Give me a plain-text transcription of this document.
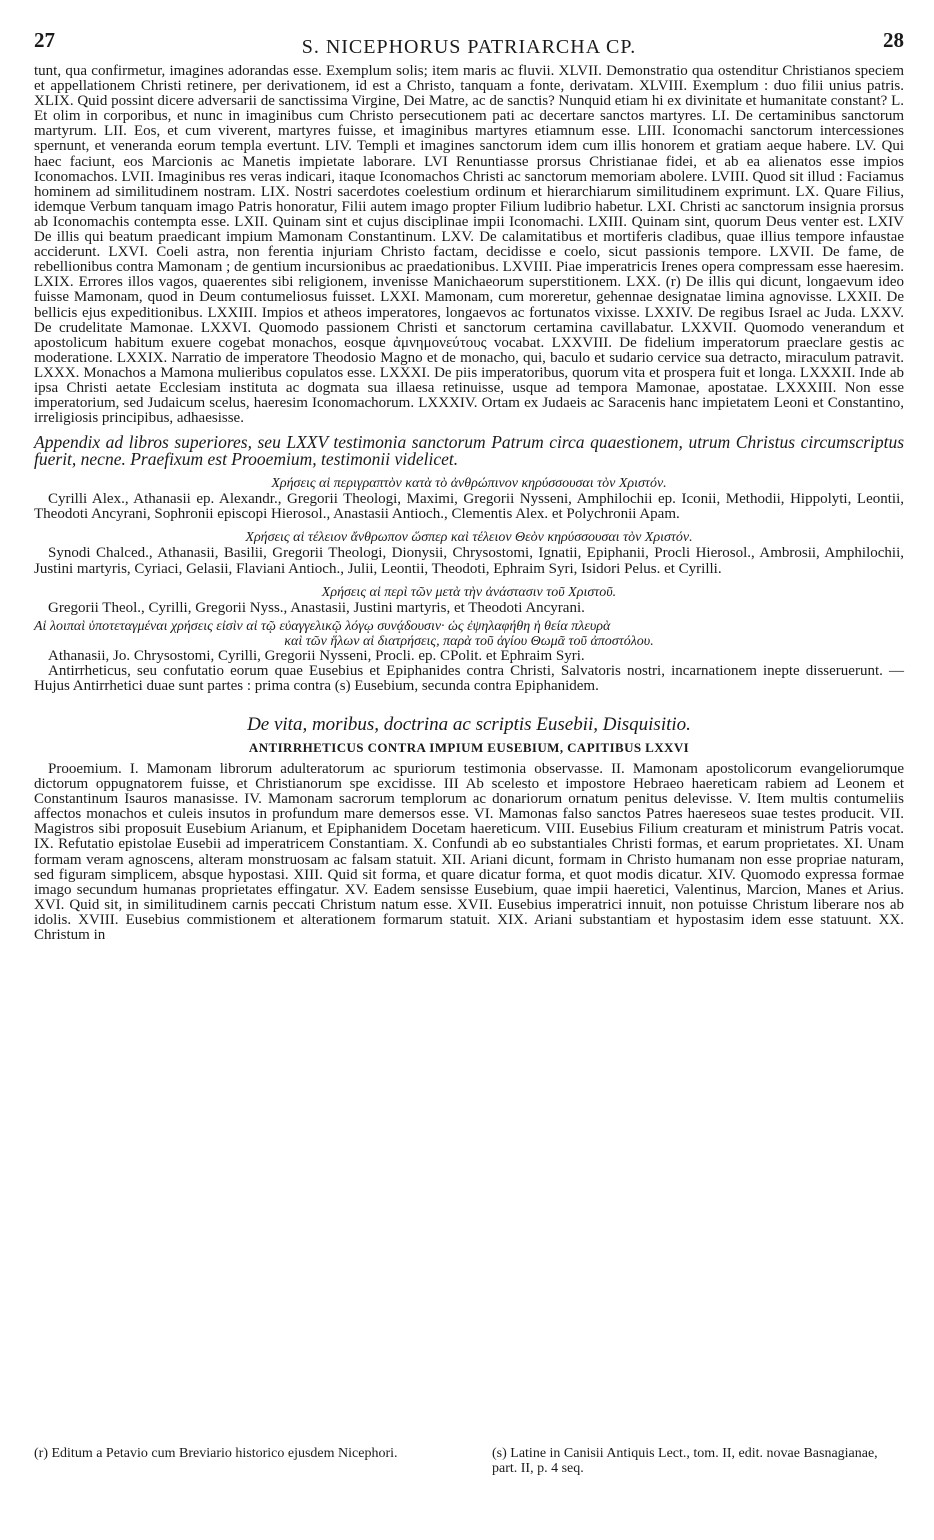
27	S. NICEPHORUS PATRIARCHA CP.	28

tunt, qua confirmetur, imagines adorandas esse. Exemplum solis; item maris ac fluvii. XLVII. Demonstratio qua ostenditur Christianos speciem et appellationem Christi retinere, per derivationem, id est a Christo, tanquam a fonte, derivatam. XLVIII. Exemplum : duo filii unius patris. XLIX. Quid possint dicere adversarii de sanctissima Virgine, Dei Matre, ac de sanctis? Nunquid etiam hi ex divinitate et humanitate constant? L. Et olim in corporibus, et nunc in imaginibus cum Christo persecutionem pati ac decertare sanctos martyres. LI. De certaminibus sanctorum martyrum. LII. Eos, et cum viverent, martyres fuisse, et imaginibus martyres etiamnum esse. LIII. Iconomachi sanctorum intercessiones spernunt, et veneranda eorum templa evertunt. LIV. Templi et imagines sanctorum idem cum illis honorem et gratiam aeque habere. LV. Qui haec faciunt, eos Marcionis ac Manetis impietate laborare. LVI Renuntiasse prorsus Christianae fidei, et ab ea alienatos esse impios Iconomachos. LVII. Imaginibus res veras indicari, itaque Iconomachos Christi ac sanctorum memoriam abolere. LVIII. Quod sit illud : Faciamus hominem ad similitudinem nostram. LIX. Nostri sacerdotes coelestium ordinum et hierarchiarum similitudinem exprimunt. LX. Quare Filius, idemque Verbum tanquam imago Patris honoratur, Filii autem imago propter Filium ludibrio habetur. LXI. Christi ac sanctorum insignia prorsus ab Iconomachis contempta esse. LXII. Quinam sint et cujus disciplinae impii Iconomachi. LXIII. Quinam sint, quorum Deus venter est. LXIV De illis qui beatum praedicant impium Mamonam Constantinum. LXV. De calamitatibus et mortiferis cladibus, quae illius tempore infaustae acciderunt. LXVI. Coeli astra, non ferentia injuriam Christo factam, decidisse e coelo, sicut passionis tempore. LXVII. De fame, de rebellionibus contra Mamonam ; de gentium incursionibus ac praedationibus. LXVIII. Piae imperatricis Irenes opera compressam esse haeresim. LXIX. Errores illos vagos, quaerentes sibi religionem, invenisse Manichaeorum superstitionem. LXX. (r) De illis qui dicunt, longaevum ideo fuisse Mamonam, quod in Deum contumeliosus fuisset. LXXI. Mamonam, cum moreretur, gehennae designatae limina agnovisse. LXXII. De bellicis ejus expeditionibus. LXXIII. Impios et atheos imperatores, longaevos ac fortunatos vixisse. LXXIV. De regibus Israel ac Juda. LXXV. De crudelitate Mamonae. LXXVI. Quomodo passionem Christi et sanctorum certamina cavillabatur. LXXVII. Quomodo venerandum et apostolicum habitum exuere cogebat monachos, eosque ἀμνημονεύτους vocabat. LXXVIII. De fidelium imperatorum praeclare gestis ac moderatione. LXXIX. Narratio de imperatore Theodosio Magno et de monacho, qui, baculo et sudario cervice sua detracto, miraculum patravit. LXXX. Monachos a Mamona mulieribus copulatos esse. LXXXI. De piis imperatoribus, quorum vita et prospera fuit et longa. LXXXII. Inde ab ipsa Christi aetate Ecclesiam instituta ac dogmata sua illaesa retinuisse, usque ad tempora Mamonae, apostatae. LXXXIII. Non esse imperatorium, sed Judaicum scelus, haeresim Iconomachorum. LXXXIV. Ortam ex Judaeis ac Saracenis hanc impietatem Leoni et Constantino, irreligiosis principibus, adhaesisse.

Appendix ad libros superiores, seu LXXV testimonia sanctorum Patrum circa quaestionem, utrum Christus circumscriptus fuerit, necne. Praefixum est Prooemium, testimonii videlicet.

Χρήσεις αἱ περιγραπτὸν κατὰ τὸ ἀνθρώπινον κηρύσσουσαι τὸν Χριστόν.

Cyrilli Alex., Athanasii ep. Alexandr., Gregorii Theologi, Maximi, Gregorii Nysseni, Amphilochii ep. Iconii, Methodii, Hippolyti, Leontii, Theodoti Ancyrani, Sophronii episcopi Hierosol., Anastasii Antioch., Clementis Alex. et Polychronii Apam.

Χρήσεις αἱ τέλειον ἄνθρωπον ὥσπερ καὶ τέλειον Θεὸν κηρύσσουσαι τὸν Χριστόν.

Synodi Chalced., Athanasii, Basilii, Gregorii Theologi, Dionysii, Chrysostomi, Ignatii, Epiphanii, Procli Hierosol., Ambrosii, Amphilochii, Justini martyris, Cyriaci, Gelasii, Flaviani Antioch., Julii, Leontii, Theodoti, Ephraim Syri, Isidori Pelus. et Cyrilli.

Χρήσεις αἱ περὶ τῶν μετὰ τὴν ἀνάστασιν τοῦ Χριστοῦ.

Gregorii Theol., Cyrilli, Gregorii Nyss., Anastasii, Justini martyris, et Theodoti Ancyrani.

Αἱ λοιπαὶ ὑποτεταγμέναι χρήσεις εἰσὶν αἱ τῷ εὐαγγελικῷ λόγῳ συνᾴδουσιν· ὡς ἐψηλαφήθη ἡ θεία πλευρὰ
καὶ τῶν ἥλων αἱ διατρήσεις, παρὰ τοῦ ἁγίου Θωμᾶ τοῦ ἀποστόλου.

Athanasii, Jo. Chrysostomi, Cyrilli, Gregorii Nysseni, Procli. ep. CPolit. et Ephraim Syri.

Antirrheticus, seu confutatio eorum quae Eusebius et Epiphanides contra Christi, Salvatoris nostri, incarnationem inepte disseruerunt. — Hujus Antirrhetici duae sunt partes : prima contra (s) Eusebium, secunda contra Epiphanidem.

De vita, moribus, doctrina ac scriptis Eusebii, Disquisitio.
ANTIRRHETICUS CONTRA IMPIUM EUSEBIUM, CAPITIBUS LXXVI

Prooemium. I. Mamonam librorum adulteratorum ac spuriorum testimonia observasse. II. Mamonam apostolicorum evangeliorumque dictorum oppugnatorem fuisse, et Christianorum spe excidisse. III Ab scelesto et impostore Hebraeo haereticam rabiem ad Leonem et Constantinum Isauros manasisse. IV. Mamonam sacrorum templorum ac donariorum ornatum penitus delevisse. V. Item multis contumeliis affectos monachos et culeis insutos in profundum mare demersos esse. VI. Mamonas falso sanctos Patres haereseos suae testes producit. VII. Magistros sibi proposuit Eusebium Arianum, et Epiphanidem Docetam haereticum. VIII. Eusebius Filium creaturam et ministrum Patris vocat. IX. Refutatio epistolae Eusebii ad imperatricem Constantiam. X. Confundi ab eo substantiales Christi formas, et earum proprietates. XI. Unam formam veram agnoscens, alteram monstruosam ac falsam statuit. XII. Ariani dicunt, formam in Christo humanam non esse propriae naturam, sed figuram simplicem, absque hypostasi. XIII. Quid sit forma, et quare dicatur forma, et quot modis dicatur. XIV. Quomodo expressa formae imago secundum humanas proprietates effingatur. XV. Eadem sensisse Eusebium, quae impii haeretici, Valentinus, Marcion, Manes et Arius. XVI. Quid sit, in similitudinem carnis peccati Christum natum esse. XVII. Eusebius imperatrici innuit, non potuisse Christum liberare nos ab idolis. XVIII. Eusebius commistionem et alterationem formarum statuit. XIX. Ariani substantiam et hypostasim idem esse statuunt. XX. Christum in

(r) Editum a Petavio cum Breviario historico ejusdem Nicephori.	(s) Latine in Canisii Antiquis Lect., tom. II, edit. novae Basnagianae, part. II, p. 4 seq.
